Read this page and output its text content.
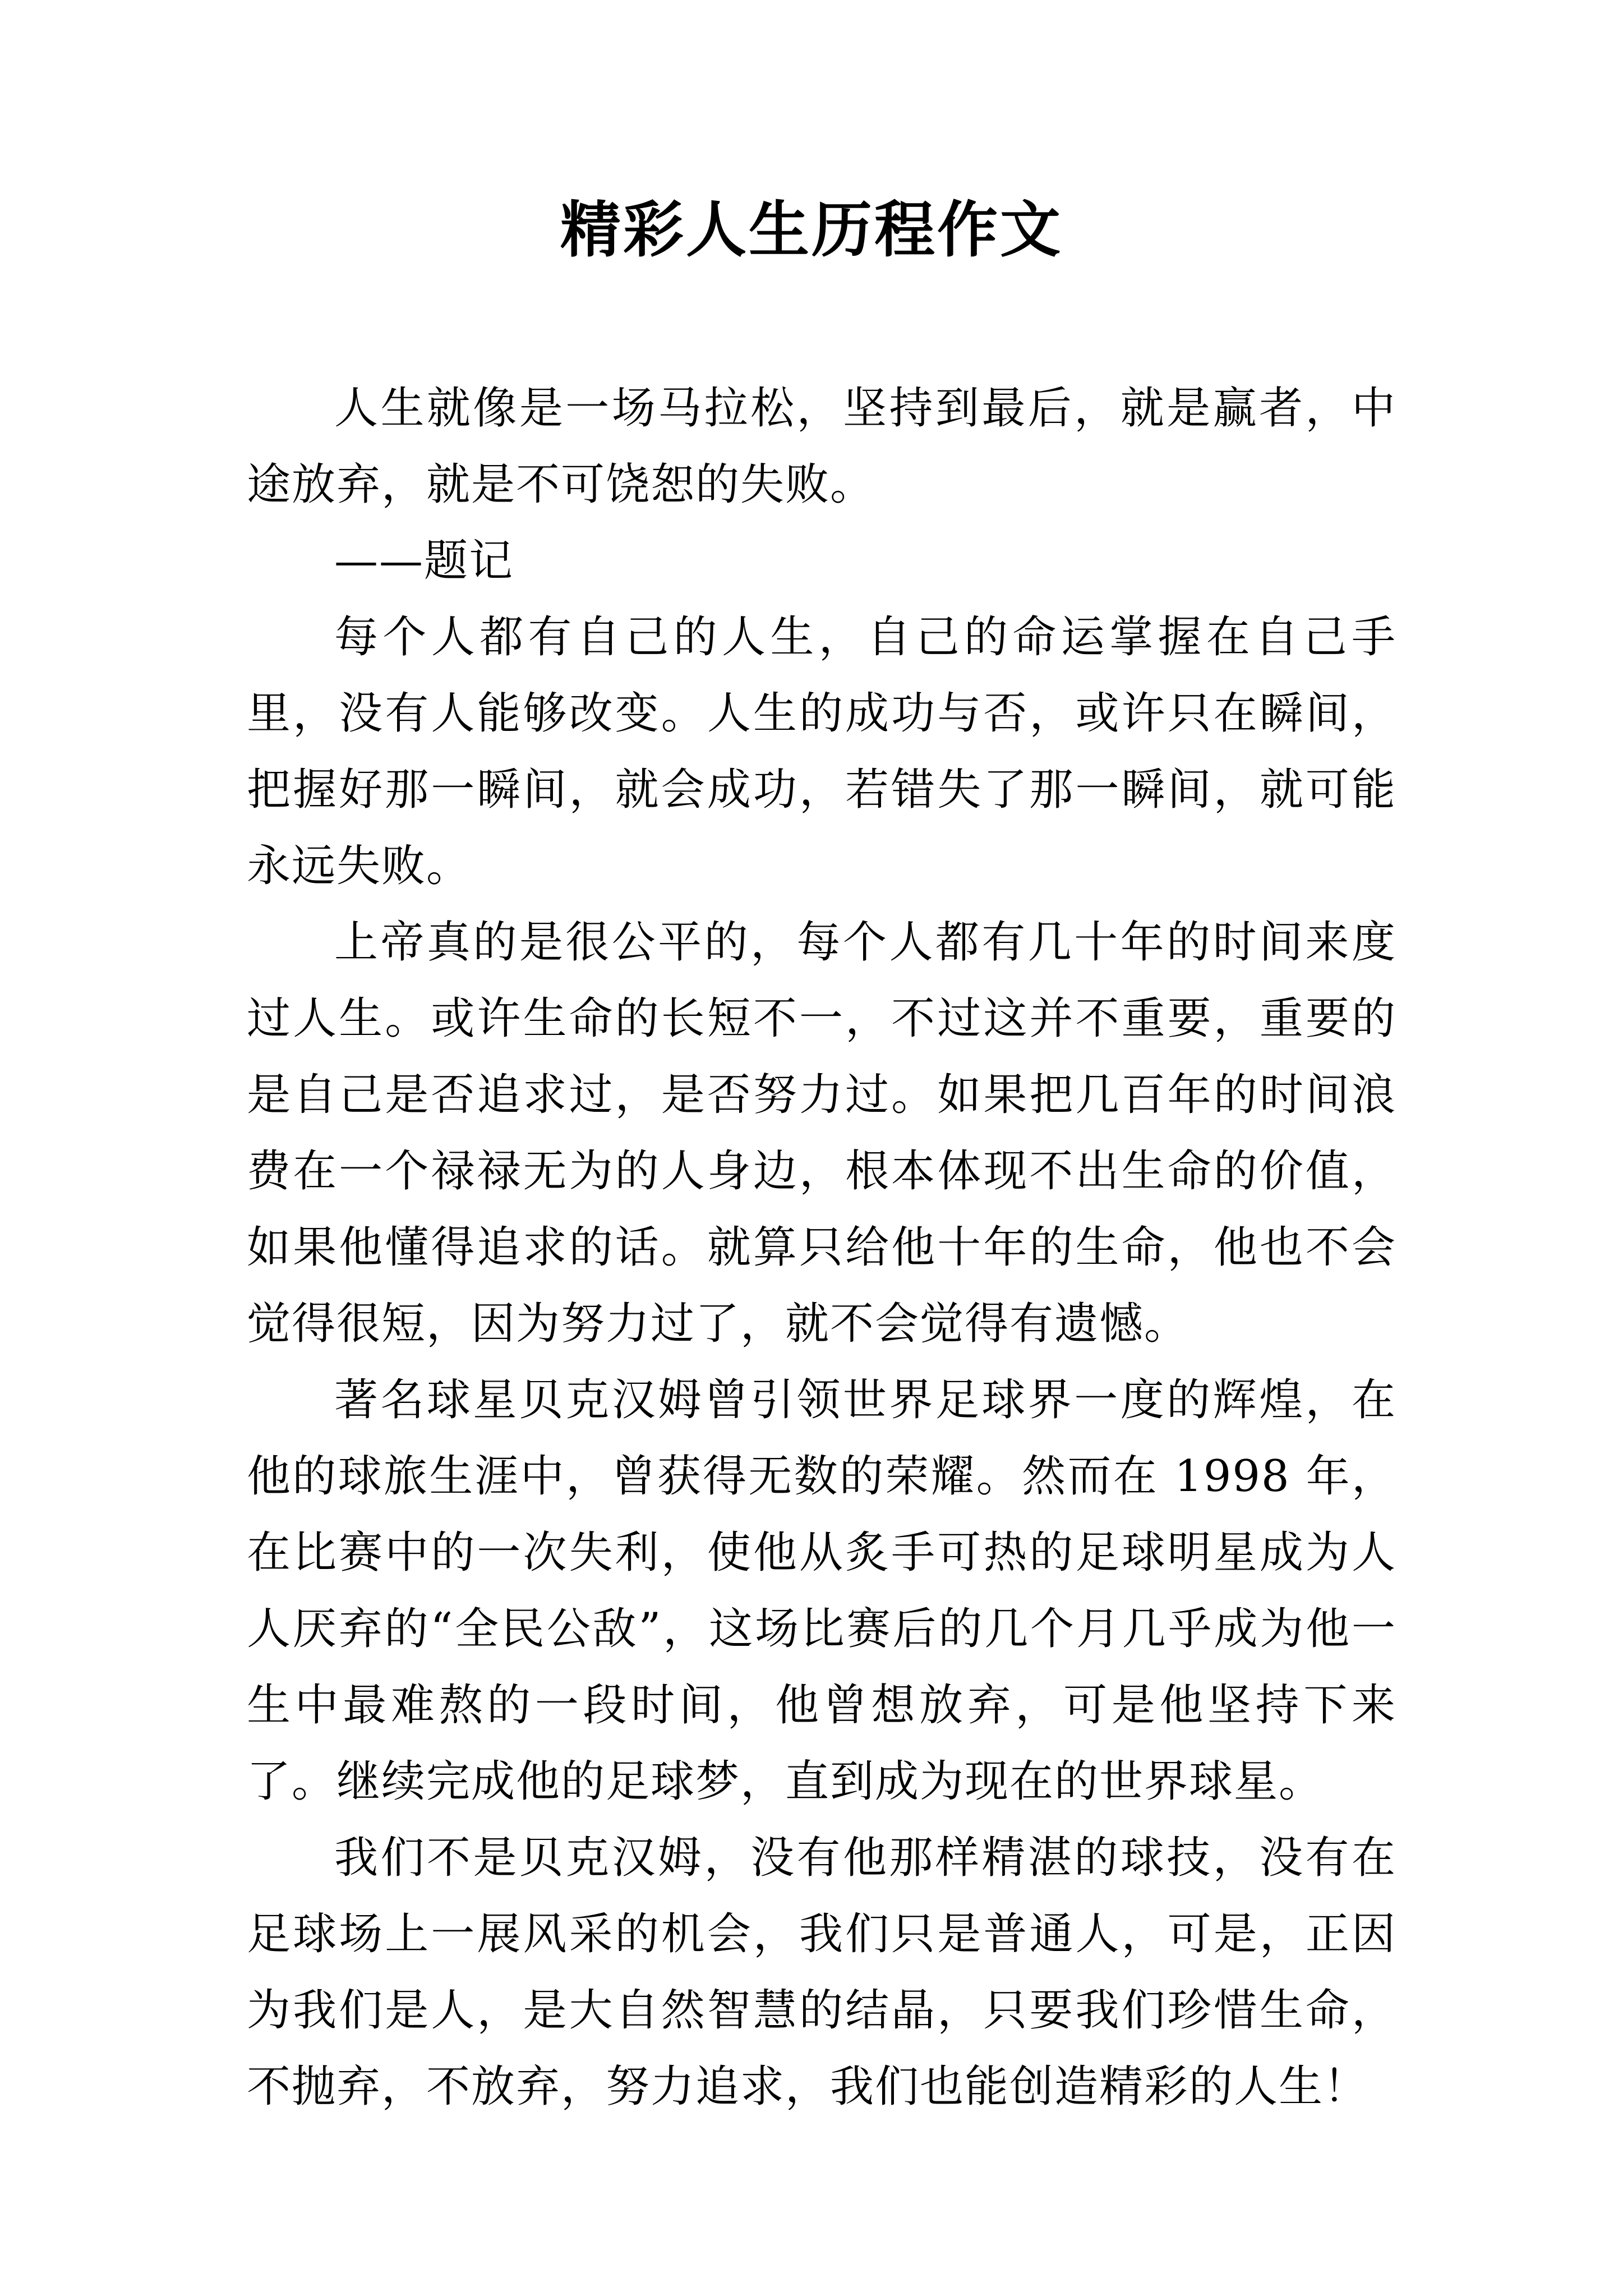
精彩人生历程作文

人生就像是一场马拉松，坚持到最后，就是赢者，中途放弃，就是不可饶恕的失败。

——题记

每个人都有自己的人生，自己的命运掌握在自己手里，没有人能够改变。人生的成功与否，或许只在瞬间，把握好那一瞬间，就会成功，若错失了那一瞬间，就可能永远失败。

上帝真的是很公平的，每个人都有几十年的时间来度过人生。或许生命的长短不一，不过这并不重要，重要的是自己是否追求过，是否努力过。如果把几百年的时间浪费在一个禄禄无为的人身边，根本体现不出生命的价值，如果他懂得追求的话。就算只给他十年的生命，他也不会觉得很短，因为努力过了，就不会觉得有遗憾。

著名球星贝克汉姆曾引领世界足球界一度的辉煌，在他的球旅生涯中，曾获得无数的荣耀。然而在 1998 年，在比赛中的一次失利，使他从炙手可热的足球明星成为人人厌弃的“全民公敌”，这场比赛后的几个月几乎成为他一生中最难熬的一段时间，他曾想放弃，可是他坚持下来了。继续完成他的足球梦，直到成为现在的世界球星。

我们不是贝克汉姆，没有他那样精湛的球技，没有在足球场上一展风采的机会，我们只是普通人，可是，正因为我们是人，是大自然智慧的结晶，只要我们珍惜生命，不抛弃，不放弃，努力追求，我们也能创造精彩的人生！
